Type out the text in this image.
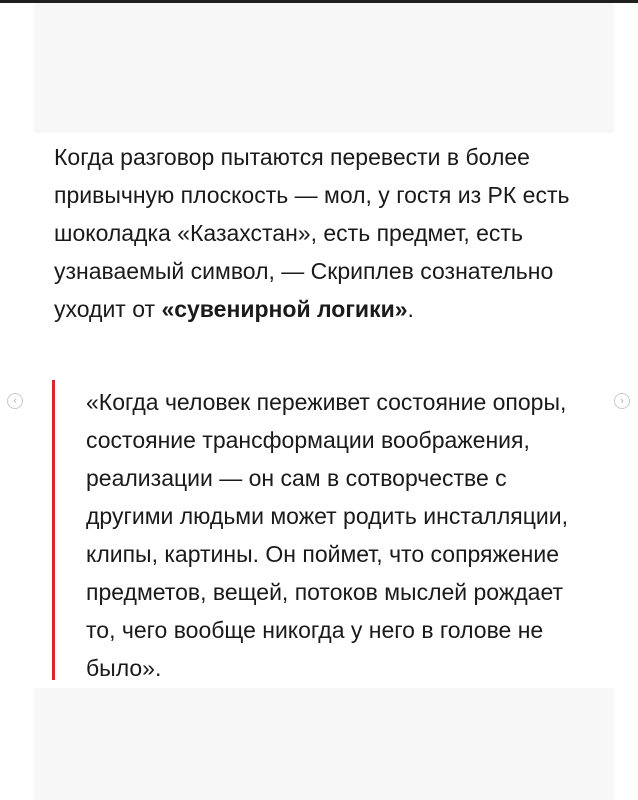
Когда разговор пытаются перевести в более привычную плоскость — мол, у гостя из РК есть шоколадка «Казахстан», есть предмет, есть узнаваемый символ, — Скриплев сознательно уходит от «сувенирной логики».

«Когда человек переживет состояние опоры, состояние трансформации воображения, реализации — он сам в сотворчестве с другими людьми может родить инсталляции, клипы, картины. Он поймет, что сопряжение предметов, вещей, потоков мыслей рождает то, чего вообще никогда у него в голове не было».

‹	›
